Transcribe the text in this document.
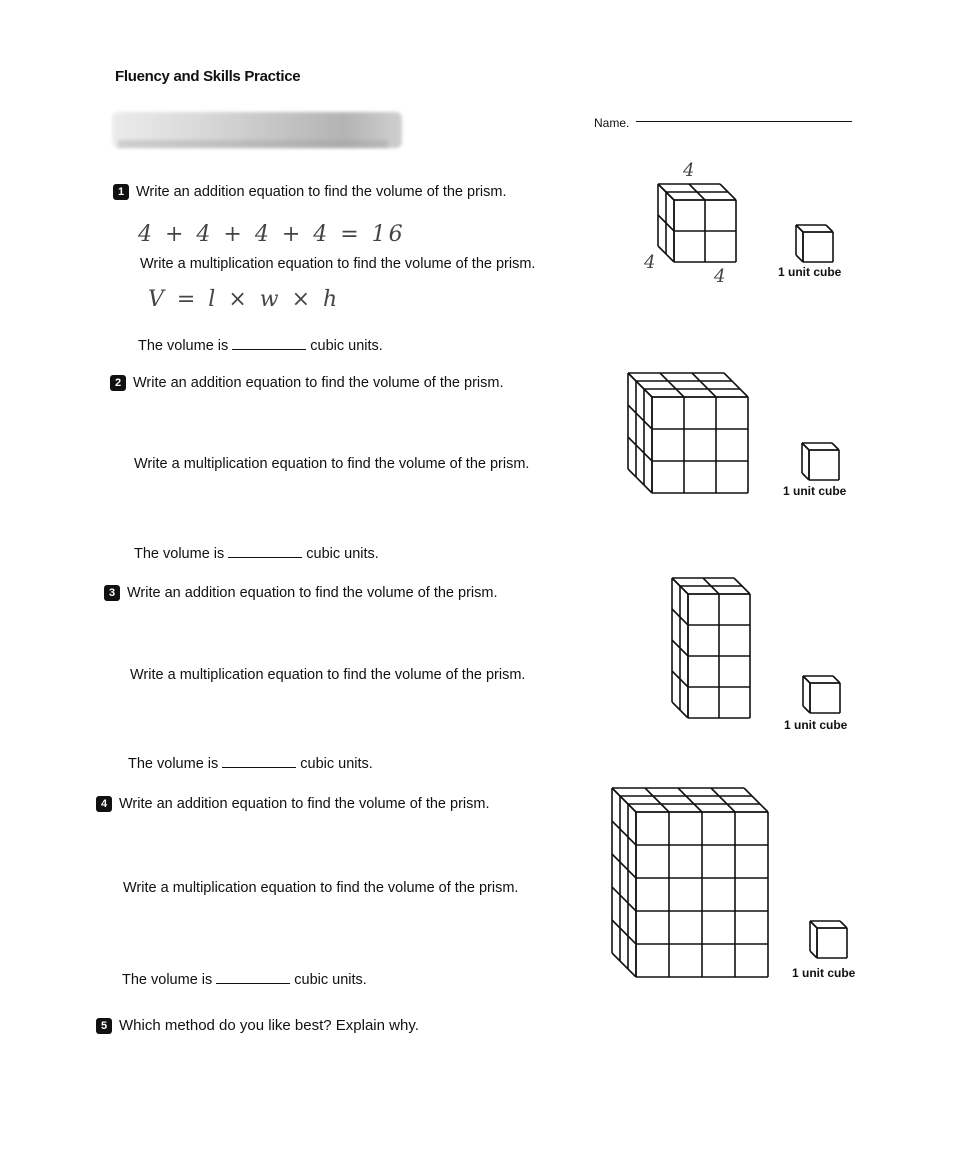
Fluency and Skills Practice
Name.
1 Write an addition equation to find the volume of the prism.
4 + 4 + 4 + 4 = 16
Write a multiplication equation to find the volume of the prism.
V = l × w × h
The volume is	cubic units.
4
4
4	1 unit cube
2 Write an addition equation to find the volume of the prism.
Write a multiplication equation to find the volume of the prism.
The volume is	cubic units.
1 unit cube
3 Write an addition equation to find the volume of the prism.
Write a multiplication equation to find the volume of the prism.
The volume is	cubic units.
1 unit cube
4 Write an addition equation to find the volume of the prism.
Write a multiplication equation to find the volume of the prism.
The volume is	cubic units.	1 unit cube
5 Which method do you like best? Explain why.
